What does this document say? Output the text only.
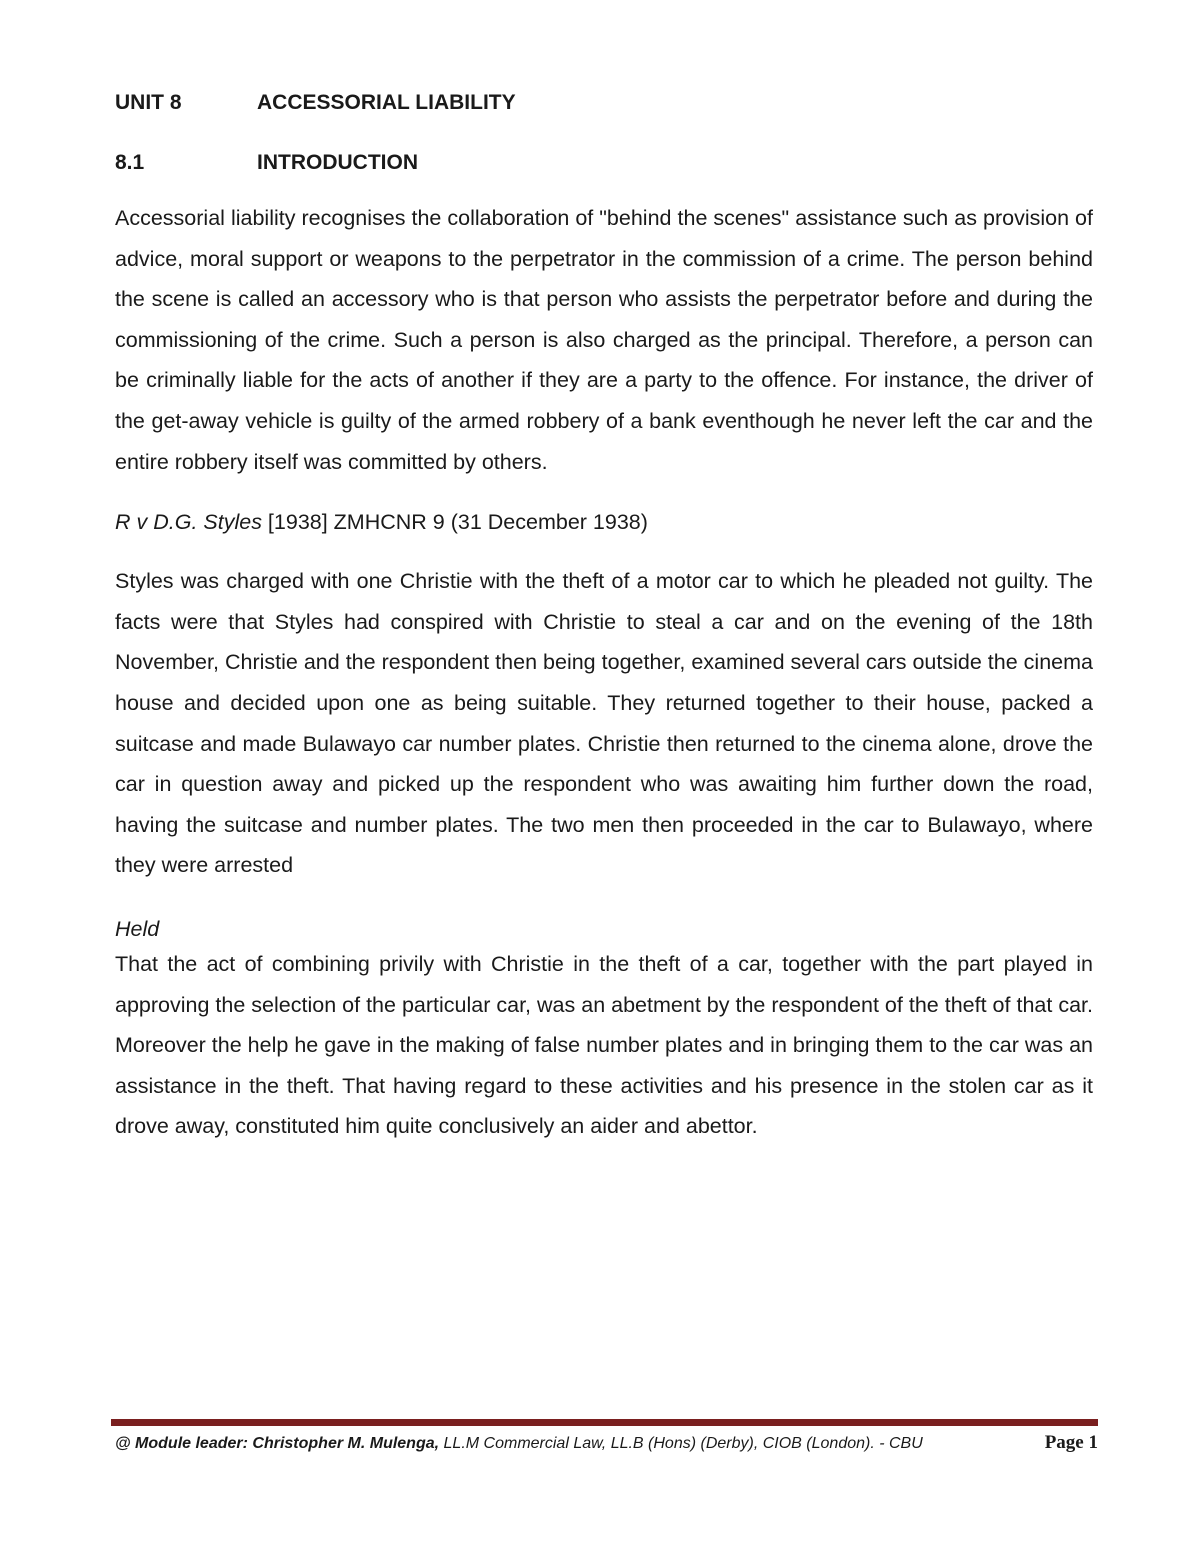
UNIT 8	ACCESSORIAL LIABILITY
8.1	INTRODUCTION

Accessorial liability recognises the collaboration of "behind the scenes" assistance such as provision of advice, moral support or weapons to the perpetrator in the commission of a crime. The person behind the scene is called an accessory who is that person who assists the perpetrator before and during the commissioning of the crime. Such a person is also charged as the principal. Therefore, a person can be criminally liable for the acts of another if they are a party to the offence. For instance, the driver of the get-away vehicle is guilty of the armed robbery of a bank eventhough he never left the car and the entire robbery itself was committed by others.

R v D.G. Styles [1938] ZMHCNR 9 (31 December 1938)

Styles was charged with one Christie with the theft of a motor car to which he pleaded not guilty. The facts were that Styles had conspired with Christie to steal a car and on the evening of the 18th November, Christie and the respondent then being together, examined several cars outside the cinema house and decided upon one as being suitable. They returned together to their house, packed a suitcase and made Bulawayo car number plates. Christie then returned to the cinema alone, drove the car in question away and picked up the respondent who was awaiting him further down the road, having the suitcase and number plates. The two men then proceeded in the car to Bulawayo, where they were arrested

Held

That the act of combining privily with Christie in the theft of a car, together with the part played in approving the selection of the particular car, was an abetment by the respondent of the theft of that car. Moreover the help he gave in the making of false number plates and in bringing them to the car was an assistance in the theft. That having regard to these activities and his presence in the stolen car as it drove away, constituted him quite conclusively an aider and abettor.

@ Module leader: Christopher M. Mulenga, LL.M Commercial Law, LL.B (Hons) (Derby), CIOB (London). - CBU	Page 1
